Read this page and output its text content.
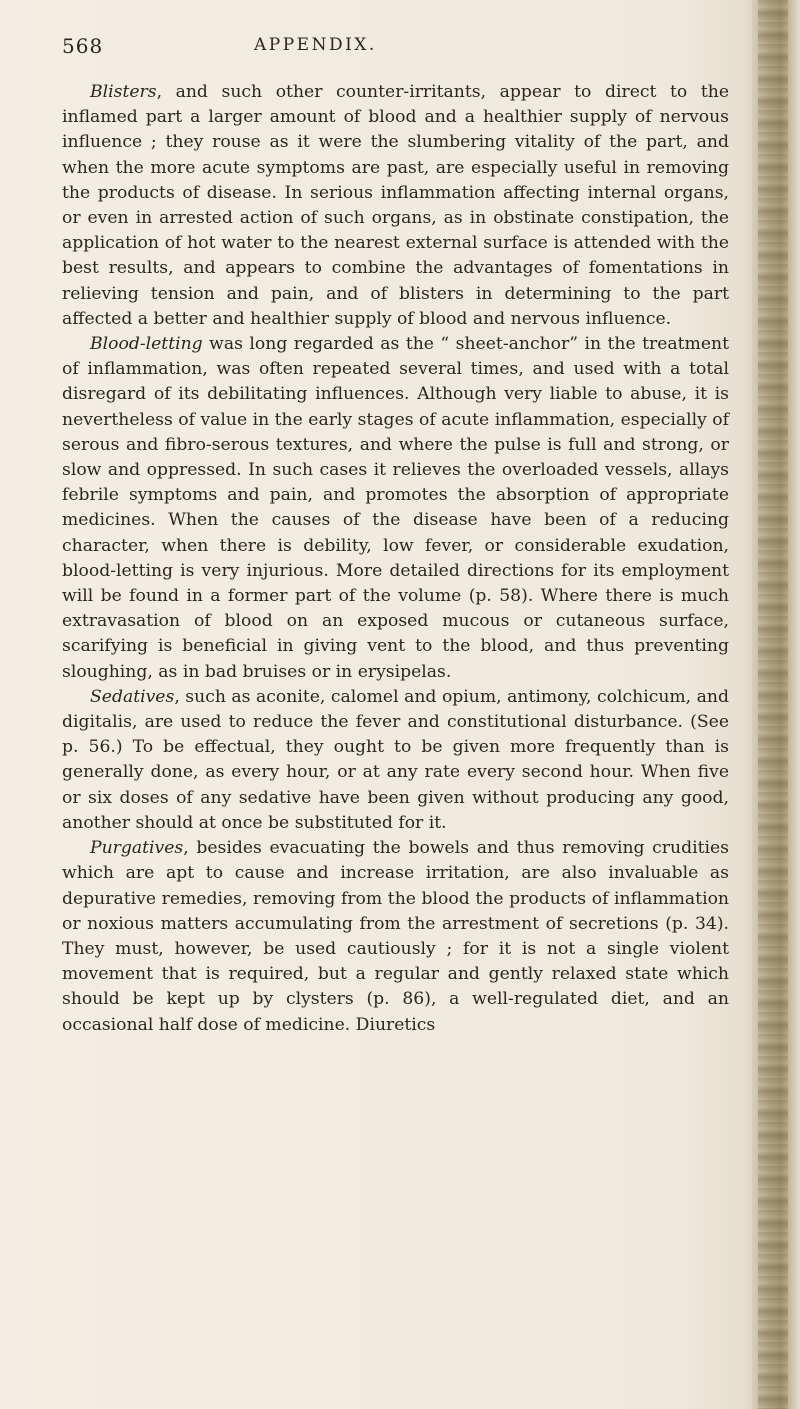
568	APPENDIX.

Blisters, and such other counter-irritants, appear to direct to the inflamed part a larger amount of blood and a healthier supply of nervous influence ; they rouse as it were the slumbering vitality of the part, and when the more acute symptoms are past, are especially useful in removing the products of disease. In serious inflammation affecting internal organs, or even in arrested action of such organs, as in obstinate constipation, the application of hot water to the nearest external surface is attended with the best results, and appears to combine the advantages of fomentations in relieving tension and pain, and of blisters in determining to the part affected a better and healthier supply of blood and nervous influence.

Blood-letting was long regarded as the “ sheet-anchor” in the treatment of inflammation, was often repeated several times, and used with a total disregard of its debilitating influences. Although very liable to abuse, it is nevertheless of value in the early stages of acute inflammation, especially of serous and fibro-serous textures, and where the pulse is full and strong, or slow and oppressed. In such cases it relieves the overloaded vessels, allays febrile symptoms and pain, and promotes the absorption of appropriate medicines. When the causes of the disease have been of a reducing character, when there is debility, low fever, or considerable exudation, blood-letting is very injurious. More detailed directions for its employment will be found in a former part of the volume (p. 58). Where there is much extravasation of blood on an exposed mucous or cutaneous surface, scarifying is beneficial in giving vent to the blood, and thus preventing sloughing, as in bad bruises or in erysipelas.

Sedatives, such as aconite, calomel and opium, antimony, colchicum, and digitalis, are used to reduce the fever and constitutional disturbance. (See p. 56.) To be effectual, they ought to be given more frequently than is generally done, as every hour, or at any rate every second hour. When five or six doses of any sedative have been given without producing any good, another should at once be substituted for it.

Purgatives, besides evacuating the bowels and thus removing crudities which are apt to cause and increase irritation, are also invaluable as depurative remedies, removing from the blood the products of inflammation or noxious matters accumulating from the arrestment of secretions (p. 34). They must, however, be used cautiously ; for it is not a single violent movement that is required, but a regular and gently relaxed state which should be kept up by clysters (p. 86), a well-regulated diet, and an occasional half dose of medicine. Diuretics
